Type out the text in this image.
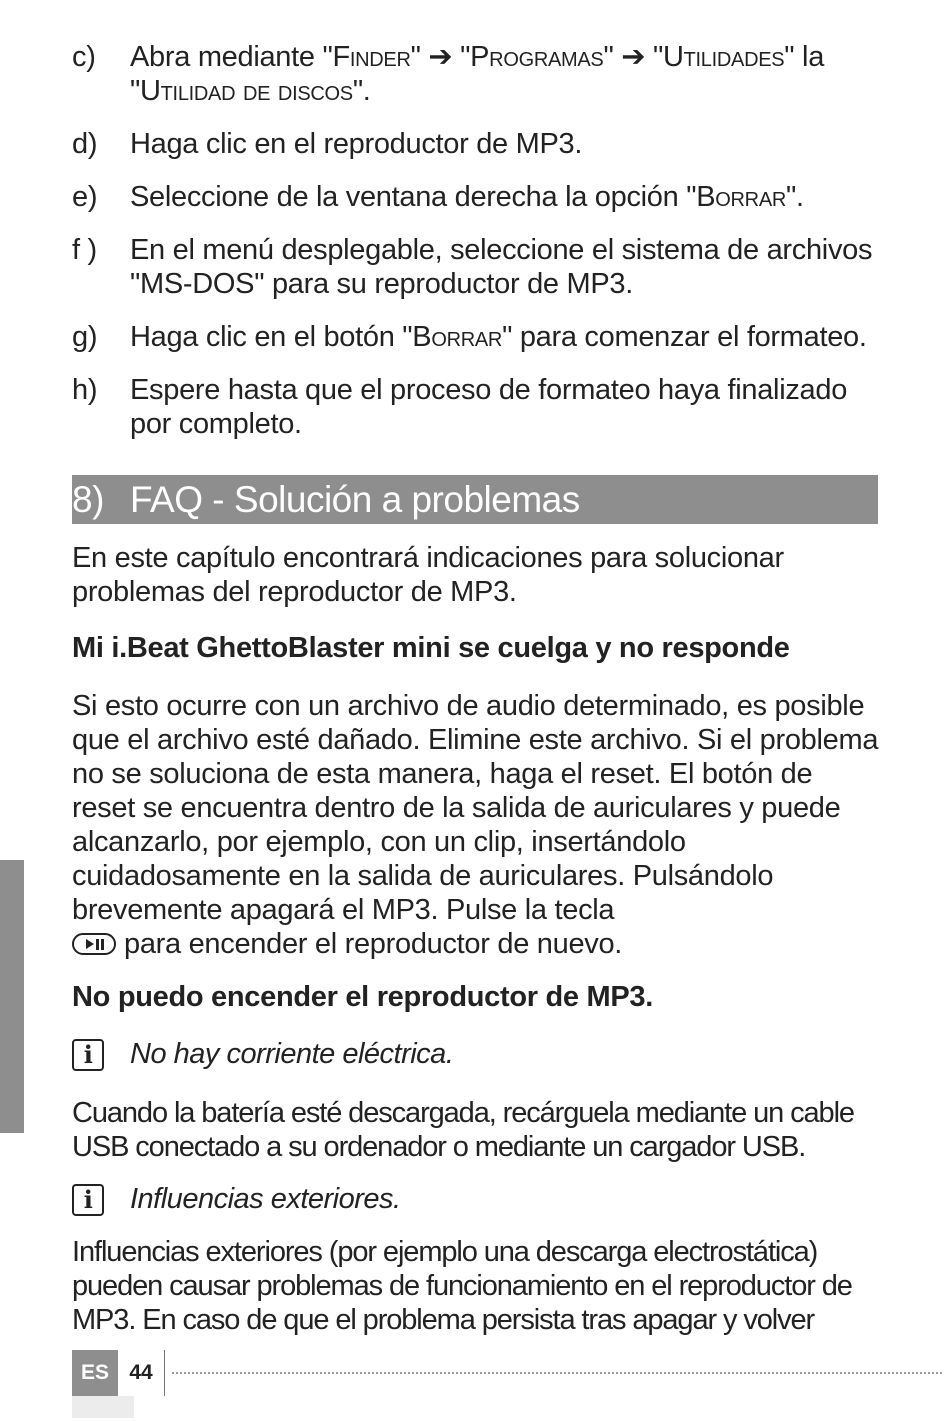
c)	Abra mediante "Finder" ➔ "Programas" ➔ "Utilidades" la "Utilidad de discos".
d)	Haga clic en el reproductor de MP3.
e)	Seleccione de la ventana derecha la opción "Borrar".
f )	En el menú desplegable, seleccione el sistema de archivos "MS-DOS" para su reproductor de MP3.
g)	Haga clic en el botón "Borrar" para comenzar el formateo.
h)	Espere hasta que el proceso de formateo haya finalizado por completo.
8) FAQ - Solución a problemas

En este capítulo encontrará indicaciones para solucionar problemas del reproductor de MP3.

Mi i.Beat GhettoBlaster mini se cuelga y no responde

Si esto ocurre con un archivo de audio determinado, es posible que el archivo esté dañado. Elimine este archivo. Si el problema no se soluciona de esta manera, haga el reset. El botón de reset se encuentra dentro de la salida de auriculares y puede alcanzarlo, por ejemplo, con un clip, insertándolo cuidadosamente en la salida de auriculares. Pulsándolo brevemente apagará el MP3. Pulse la tecla
para encender el reproductor de nuevo.

No puedo encender el reproductor de MP3.
i	No hay corriente eléctrica.

Cuando la batería esté descargada, recárguela mediante un cable USB conectado a su ordenador o mediante un cargador USB.

i	Influencias exteriores.

Influencias exteriores (por ejemplo una descarga electrostática) pueden causar problemas de funcionamiento en el reproductor de MP3. En caso de que el problema persista tras apagar y volver

ES 44
